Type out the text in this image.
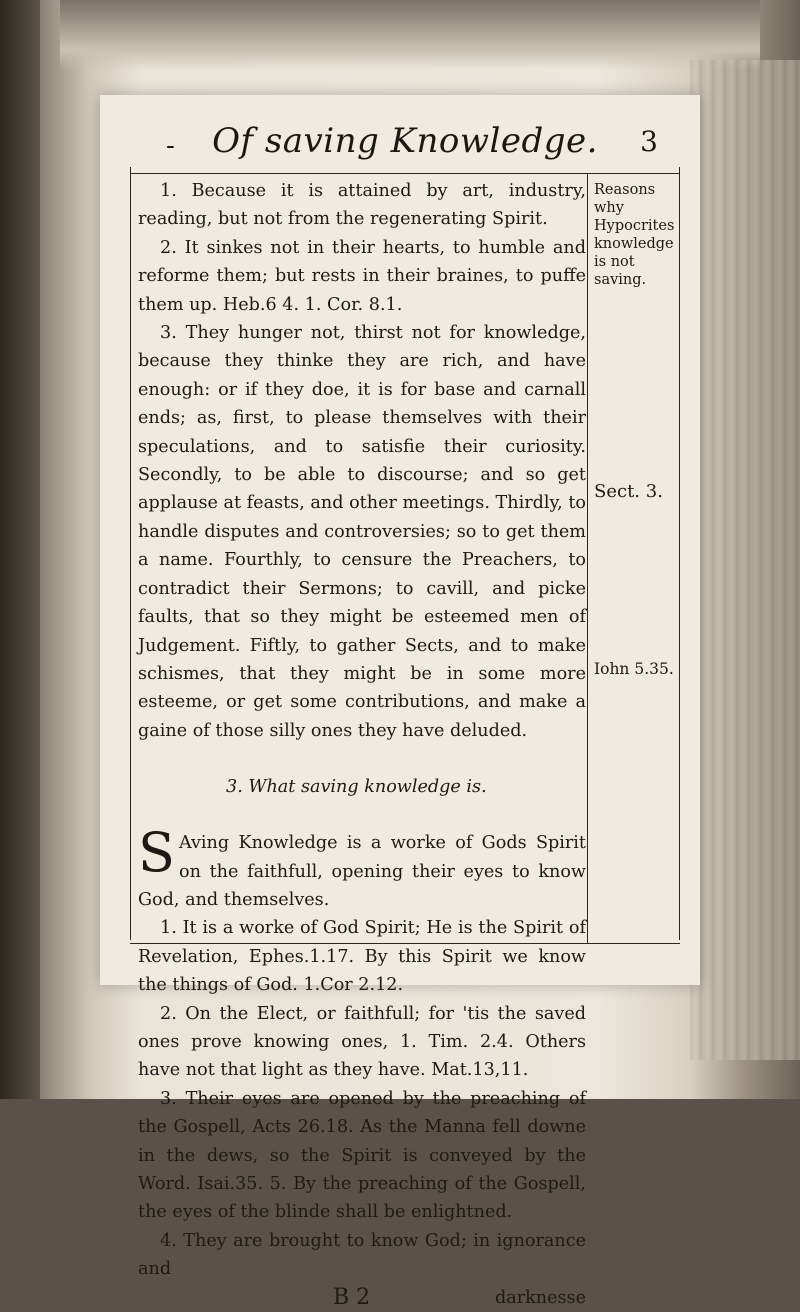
-	Of saving Knowledge.	3

1. Because it is attained by art, industry, reading, but not from the regenerating Spirit.

2. It sinkes not in their hearts, to humble and reforme them; but rests in their braines, to puffe them up. Heb.6 4. 1. Cor. 8.1.

3. They hunger not, thirst not for knowledge, because they thinke they are rich, and have enough: or if they doe, it is for base and carnall ends; as, first, to please themselves with their speculations, and to satisfie their curiosity. Secondly, to be able to discourse; and so get applause at feasts, and other meetings. Thirdly, to handle disputes and controversies; so to get them a name. Fourthly, to censure the Preachers, to contradict their Sermons; to cavill, and picke faults, that so they might be esteemed men of Judgement. Fiftly, to gather Sects, and to make schismes, that they might be in some more esteeme, or get some contributions, and make a gaine of those silly ones they have deluded.

3. What saving knowledge is.

S Aving Knowledge is a worke of Gods Spirit on the faithfull, opening their eyes to know God, and themselves.

1. It is a worke of God Spirit; He is the Spirit of Revelation, Ephes.1.17. By this Spirit we know the things of God. 1.Cor 2.12.

2. On the Elect, or faithfull; for 'tis the saved ones prove knowing ones, 1. Tim. 2.4. Others have not that light as they have. Mat.13,11.

3. Their eyes are opened by the preaching of the Gospell, Acts 26.18. As the Manna fell downe in the dews, so the Spirit is conveyed by the Word. Isai.35. 5. By the preaching of the Gospell, the eyes of the blinde shall be enlightned.

4. They are brought to know God; in ignorance and

B 2	darknesse
Reasons why Hypocrites knowledge is not saving.
Sect. 3.
Iohn 5.35.
